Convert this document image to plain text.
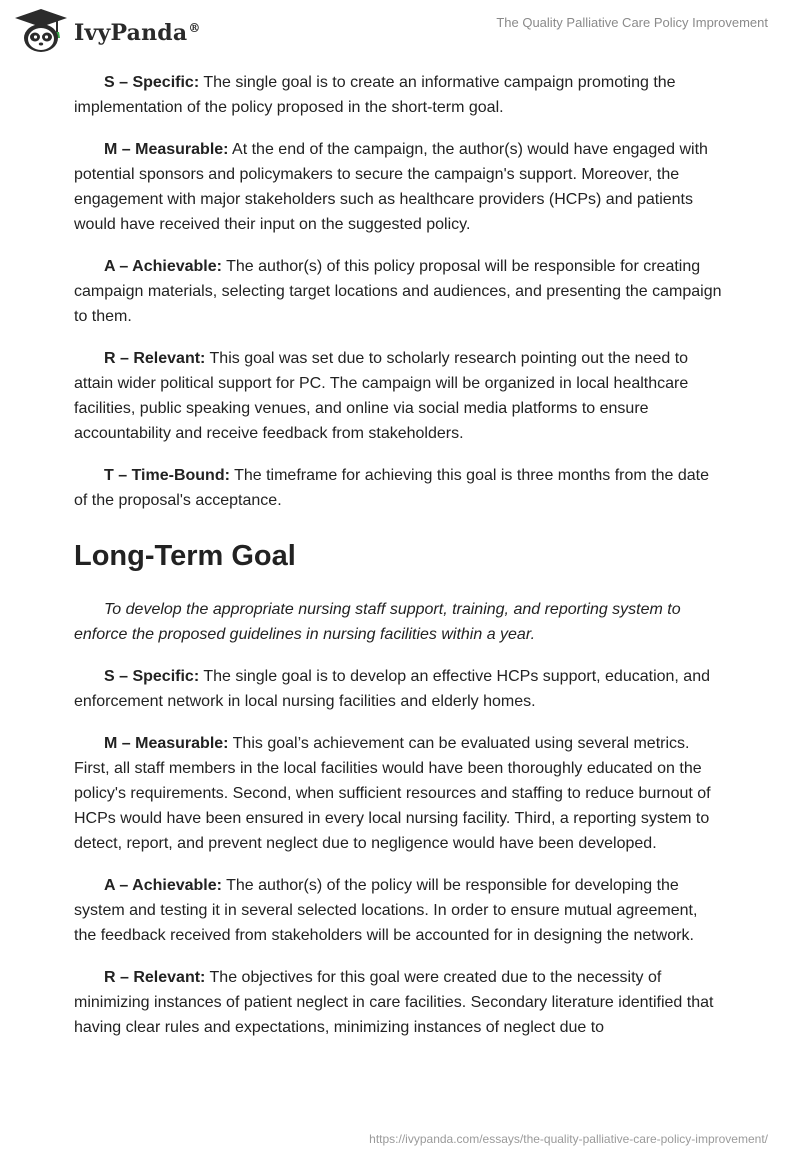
IvyPanda®	The Quality Palliative Care Policy Improvement

S – Specific: The single goal is to create an informative campaign promoting the implementation of the policy proposed in the short-term goal.

M – Measurable: At the end of the campaign, the author(s) would have engaged with potential sponsors and policymakers to secure the campaign's support. Moreover, the engagement with major stakeholders such as healthcare providers (HCPs) and patients would have received their input on the suggested policy.

A – Achievable: The author(s) of this policy proposal will be responsible for creating campaign materials, selecting target locations and audiences, and presenting the campaign to them.

R – Relevant: This goal was set due to scholarly research pointing out the need to attain wider political support for PC. The campaign will be organized in local healthcare facilities, public speaking venues, and online via social media platforms to ensure accountability and receive feedback from stakeholders.

T – Time-Bound: The timeframe for achieving this goal is three months from the date of the proposal's acceptance.

Long-Term Goal

To develop the appropriate nursing staff support, training, and reporting system to enforce the proposed guidelines in nursing facilities within a year.

S – Specific: The single goal is to develop an effective HCPs support, education, and enforcement network in local nursing facilities and elderly homes.

M – Measurable: This goal’s achievement can be evaluated using several metrics. First, all staff members in the local facilities would have been thoroughly educated on the policy's requirements. Second, when sufficient resources and staffing to reduce burnout of HCPs would have been ensured in every local nursing facility. Third, a reporting system to detect, report, and prevent neglect due to negligence would have been developed.

A – Achievable: The author(s) of the policy will be responsible for developing the system and testing it in several selected locations. In order to ensure mutual agreement, the feedback received from stakeholders will be accounted for in designing the network.

R – Relevant: The objectives for this goal were created due to the necessity of minimizing instances of patient neglect in care facilities. Secondary literature identified that having clear rules and expectations, minimizing instances of neglect due to

https://ivypanda.com/essays/the-quality-palliative-care-policy-improvement/
